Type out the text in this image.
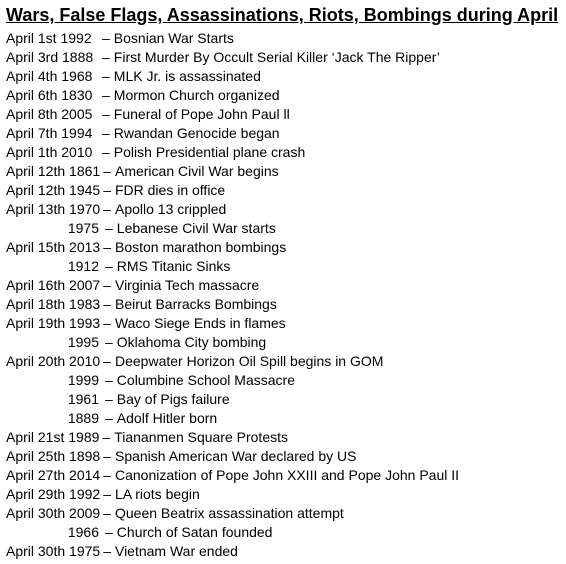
Wars, False Flags, Assassinations, Riots, Bombings during April
April 1st 1992 – Bosnian War Starts
April 3rd 1888 – First Murder By Occult Serial Killer ‘Jack The Ripper’
April 4th 1968 – MLK Jr. is assassinated
April 6th 1830 – Mormon Church organized
April 8th 2005 – Funeral of Pope John Paul ll
April 7th 1994 – Rwandan Genocide began
April 1th 2010 – Polish Presidential plane crash
April 12th 1861 – American Civil War begins
April 12th 1945 – FDR dies in office
April 13th 1970 – Apollo 13 crippled
1975 – Lebanese Civil War starts
April 15th 2013 – Boston marathon bombings
1912 – RMS Titanic Sinks
April 16th 2007 – Virginia Tech massacre
April 18th 1983 – Beirut Barracks Bombings
April 19th 1993 – Waco Siege Ends in flames
1995 – Oklahoma City bombing
April 20th 2010 – Deepwater Horizon Oil Spill begins in GOM
1999 – Columbine School Massacre
1961 – Bay of Pigs failure
1889 – Adolf Hitler born
April 21st 1989 – Tiananmen Square Protests
April 25th 1898 – Spanish American War declared by US
April 27th 2014 – Canonization of Pope John XXIII and Pope John Paul II
April 29th 1992 – LA riots begin
April 30th 2009 – Queen Beatrix assassination attempt
1966 – Church of Satan founded
April 30th 1975 – Vietnam War ended
